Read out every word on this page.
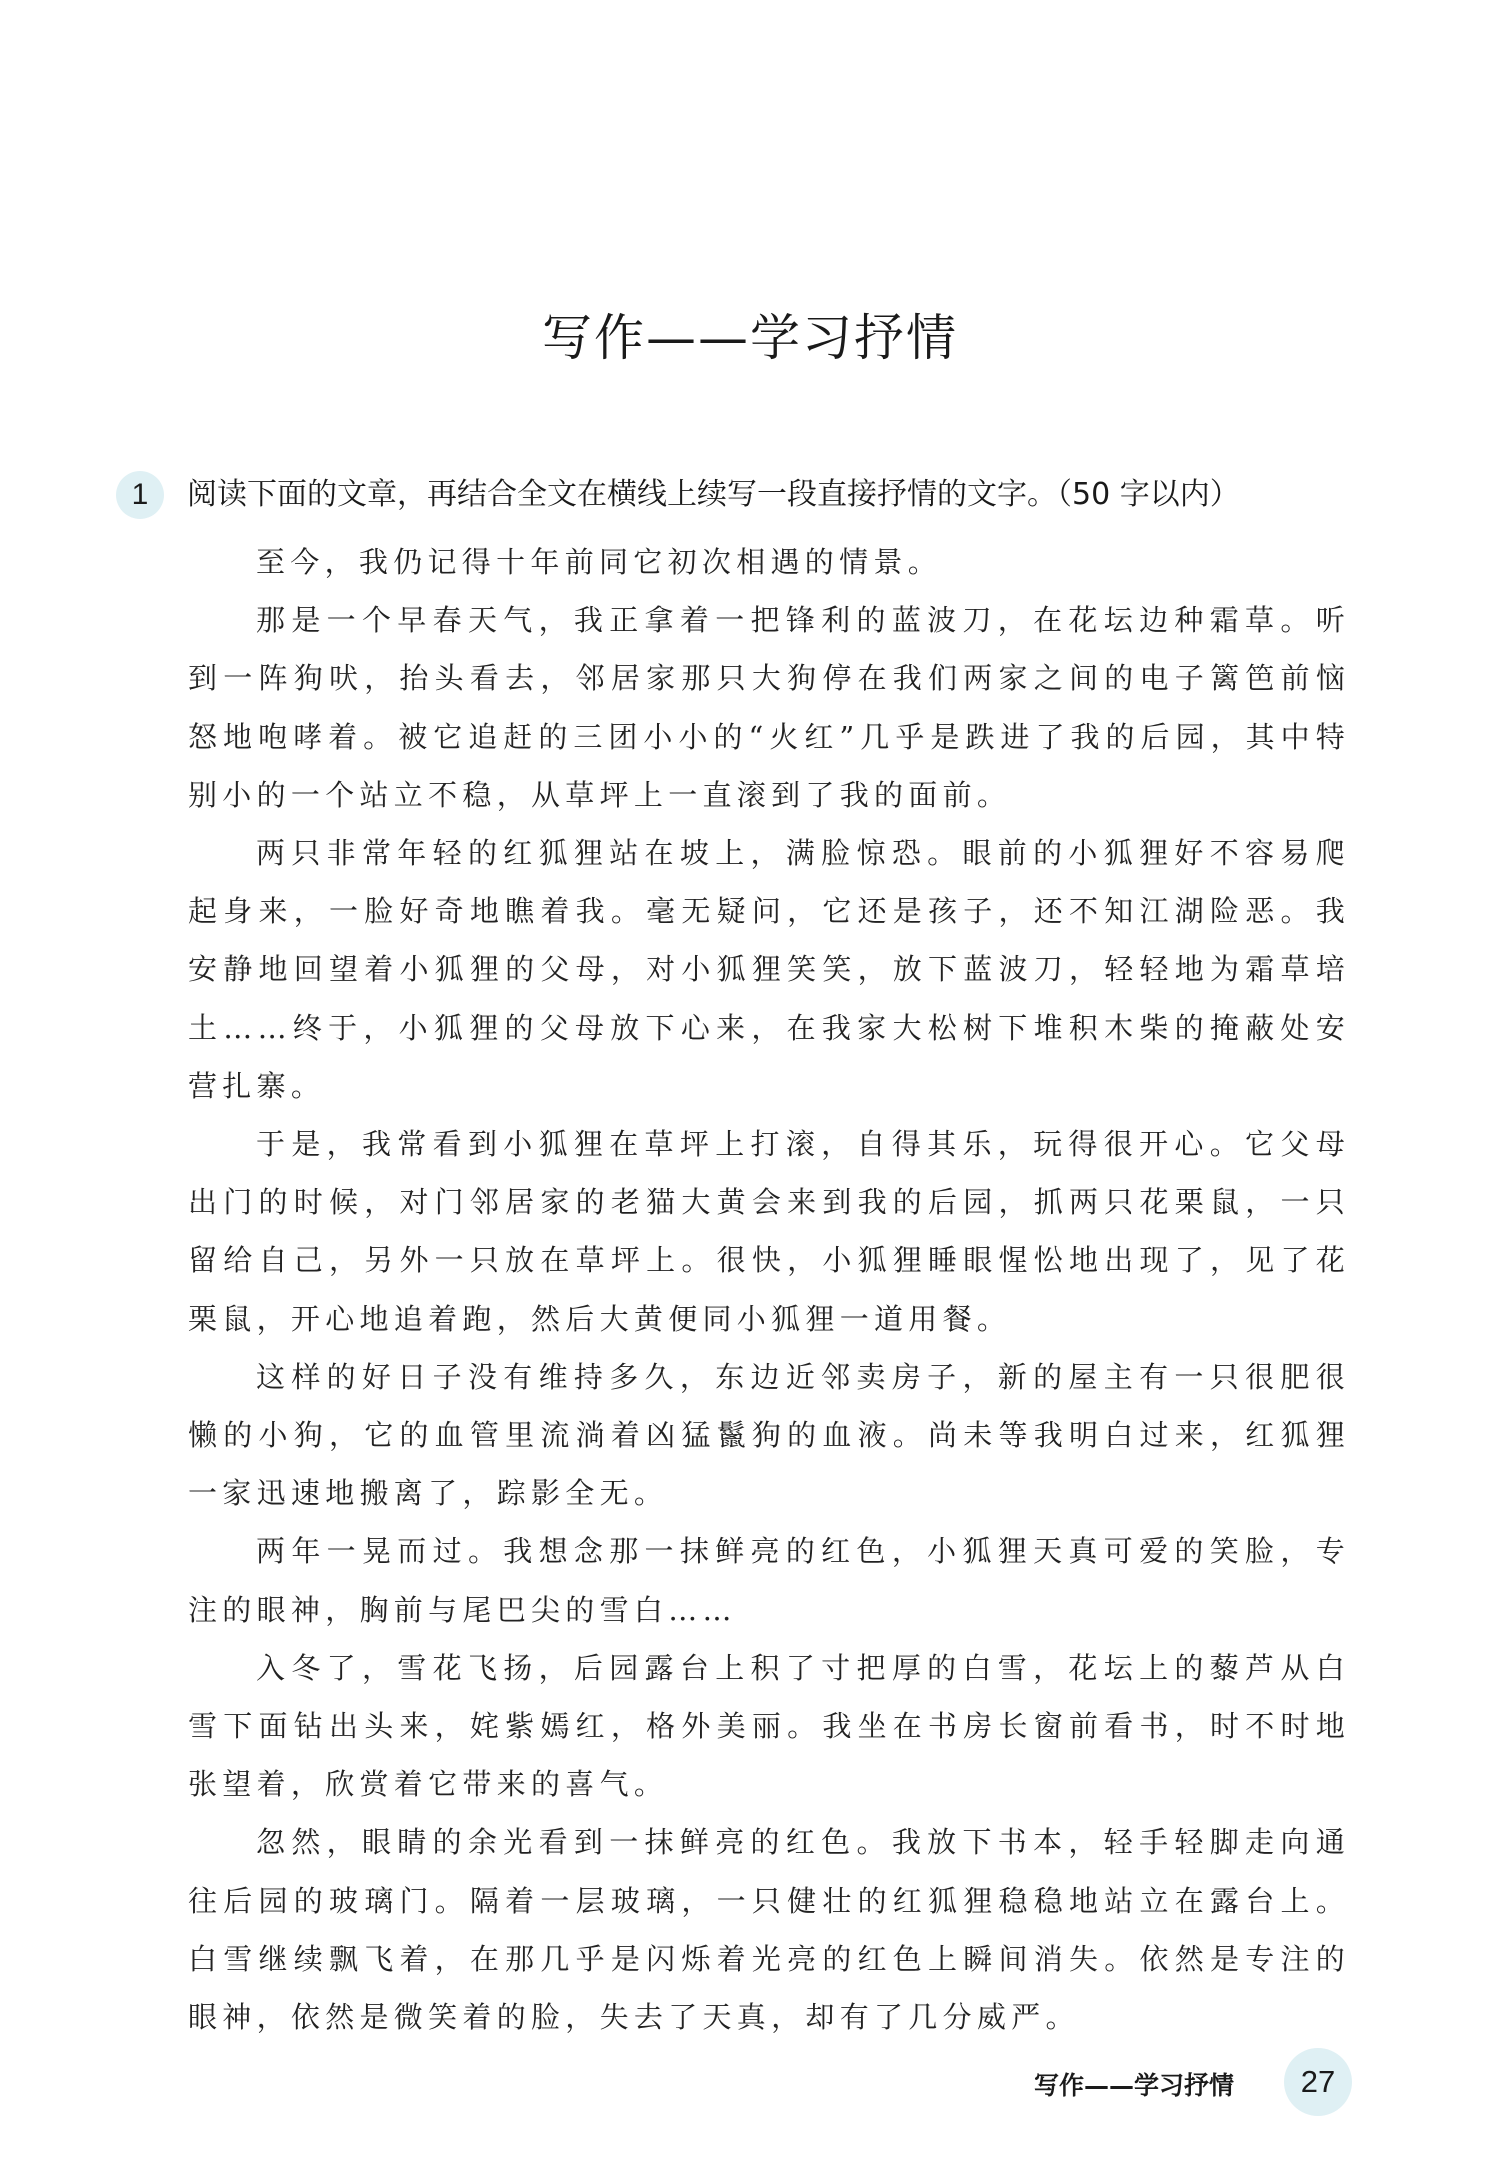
写作——学习抒情
1	阅读下面的文章，再结合全文在横线上续写一段直接抒情的文字。（50 字以内）

至今，我仍记得十年前同它初次相遇的情景。

那是一个早春天气，我正拿着一把锋利的蓝波刀，在花坛边种霜草。听到一阵狗吠，抬头看去，邻居家那只大狗停在我们两家之间的电子篱笆前恼怒地咆哮着。被它追赶的三团小小的“火红”几乎是跌进了我的后园，其中特别小的一个站立不稳，从草坪上一直滚到了我的面前。

两只非常年轻的红狐狸站在坡上，满脸惊恐。眼前的小狐狸好不容易爬起身来，一脸好奇地瞧着我。毫无疑问，它还是孩子，还不知江湖险恶。我安静地回望着小狐狸的父母，对小狐狸笑笑，放下蓝波刀，轻轻地为霜草培土……终于，小狐狸的父母放下心来，在我家大松树下堆积木柴的掩蔽处安营扎寨。

于是，我常看到小狐狸在草坪上打滚，自得其乐，玩得很开心。它父母出门的时候，对门邻居家的老猫大黄会来到我的后园，抓两只花栗鼠，一只留给自己，另外一只放在草坪上。很快，小狐狸睡眼惺忪地出现了，见了花栗鼠，开心地追着跑，然后大黄便同小狐狸一道用餐。

这样的好日子没有维持多久，东边近邻卖房子，新的屋主有一只很肥很懒的小狗，它的血管里流淌着凶猛鬣狗的血液。尚未等我明白过来，红狐狸一家迅速地搬离了，踪影全无。

两年一晃而过。我想念那一抹鲜亮的红色，小狐狸天真可爱的笑脸，专注的眼神，胸前与尾巴尖的雪白……

入冬了，雪花飞扬，后园露台上积了寸把厚的白雪，花坛上的藜芦从白雪下面钻出头来，姹紫嫣红，格外美丽。我坐在书房长窗前看书，时不时地张望着，欣赏着它带来的喜气。

忽然，眼睛的余光看到一抹鲜亮的红色。我放下书本，轻手轻脚走向通往后园的玻璃门。隔着一层玻璃，一只健壮的红狐狸稳稳地站立在露台上。白雪继续飘飞着，在那几乎是闪烁着光亮的红色上瞬间消失。依然是专注的眼神，依然是微笑着的脸，失去了天真，却有了几分威严。

写作——学习抒情	27
